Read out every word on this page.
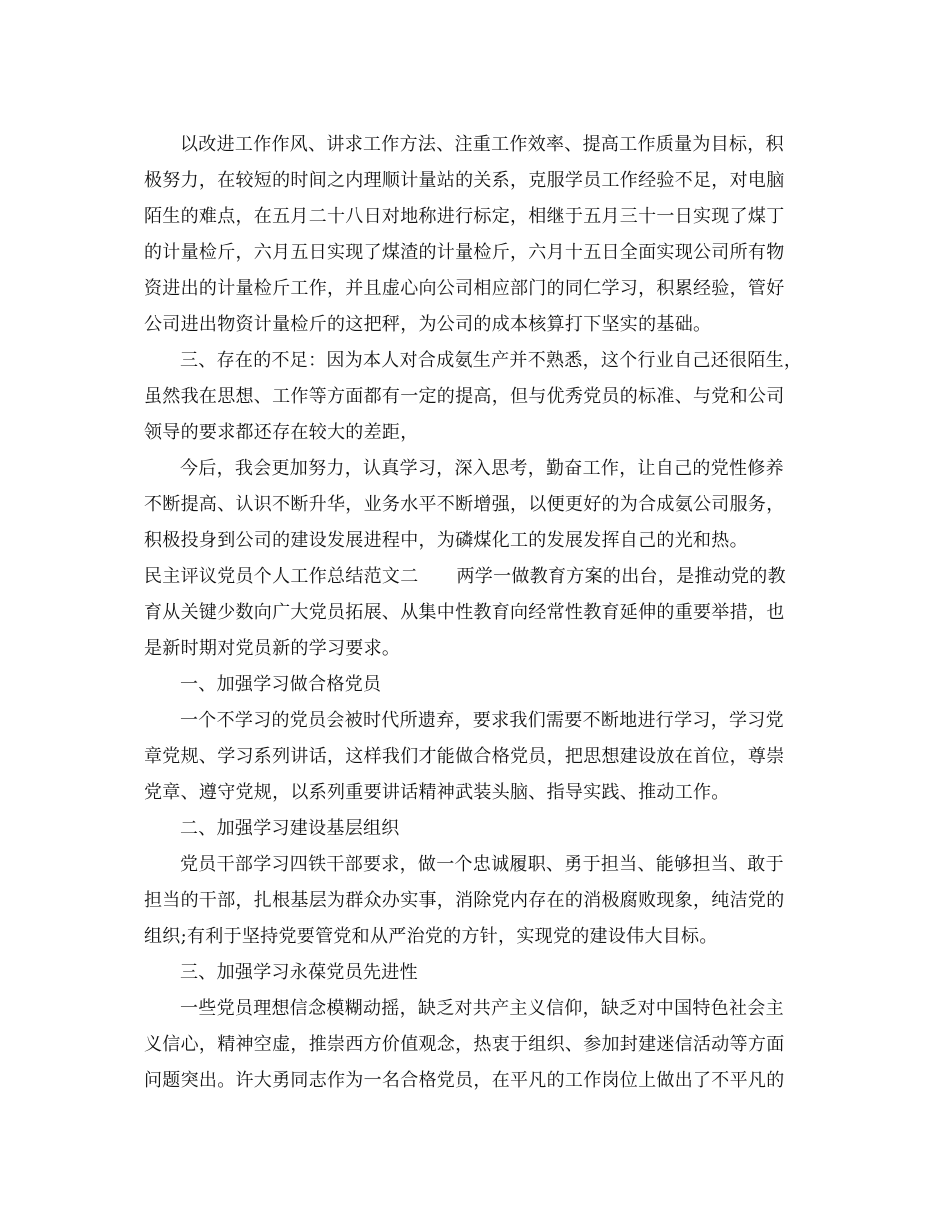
以改进工作作风、讲求工作方法、注重工作效率、提高工作质量为目标，积
极努力，在较短的时间之内理顺计量站的关系，克服学员工作经验不足，对电脑
陌生的难点，在五月二十八日对地称进行标定，相继于五月三十一日实现了煤丁
的计量检斤，六月五日实现了煤渣的计量检斤，六月十五日全面实现公司所有物
资进出的计量检斤工作，并且虚心向公司相应部门的同仁学习，积累经验，管好
公司进出物资计量检斤的这把秤，为公司的成本核算打下坚实的基础。
三、存在的不足：因为本人对合成氨生产并不熟悉，这个行业自己还很陌生，
虽然我在思想、工作等方面都有一定的提高，但与优秀党员的标准、与党和公司
领导的要求都还存在较大的差距，
今后，我会更加努力，认真学习，深入思考，勤奋工作，让自己的党性修养
不断提高、认识不断升华，业务水平不断增强，以便更好的为合成氨公司服务，
积极投身到公司的建设发展进程中，为磷煤化工的发展发挥自己的光和热。
民主评议党员个人工作总结范文二 两学一做教育方案的出台，是推动党的教
育从关键少数向广大党员拓展、从集中性教育向经常性教育延伸的重要举措，也
是新时期对党员新的学习要求。
一、加强学习做合格党员
一个不学习的党员会被时代所遗弃，要求我们需要不断地进行学习，学习党
章党规、学习系列讲话，这样我们才能做合格党员，把思想建设放在首位，尊崇
党章、遵守党规，以系列重要讲话精神武装头脑、指导实践、推动工作。
二、加强学习建设基层组织
党员干部学习四铁干部要求，做一个忠诚履职、勇于担当、能够担当、敢于
担当的干部，扎根基层为群众办实事，消除党内存在的消极腐败现象，纯洁党的
组织;有利于坚持党要管党和从严治党的方针，实现党的建设伟大目标。
三、加强学习永葆党员先进性
一些党员理想信念模糊动摇，缺乏对共产主义信仰，缺乏对中国特色社会主
义信心，精神空虚，推崇西方价值观念，热衷于组织、参加封建迷信活动等方面
问题突出。许大勇同志作为一名合格党员，在平凡的工作岗位上做出了不平凡的
